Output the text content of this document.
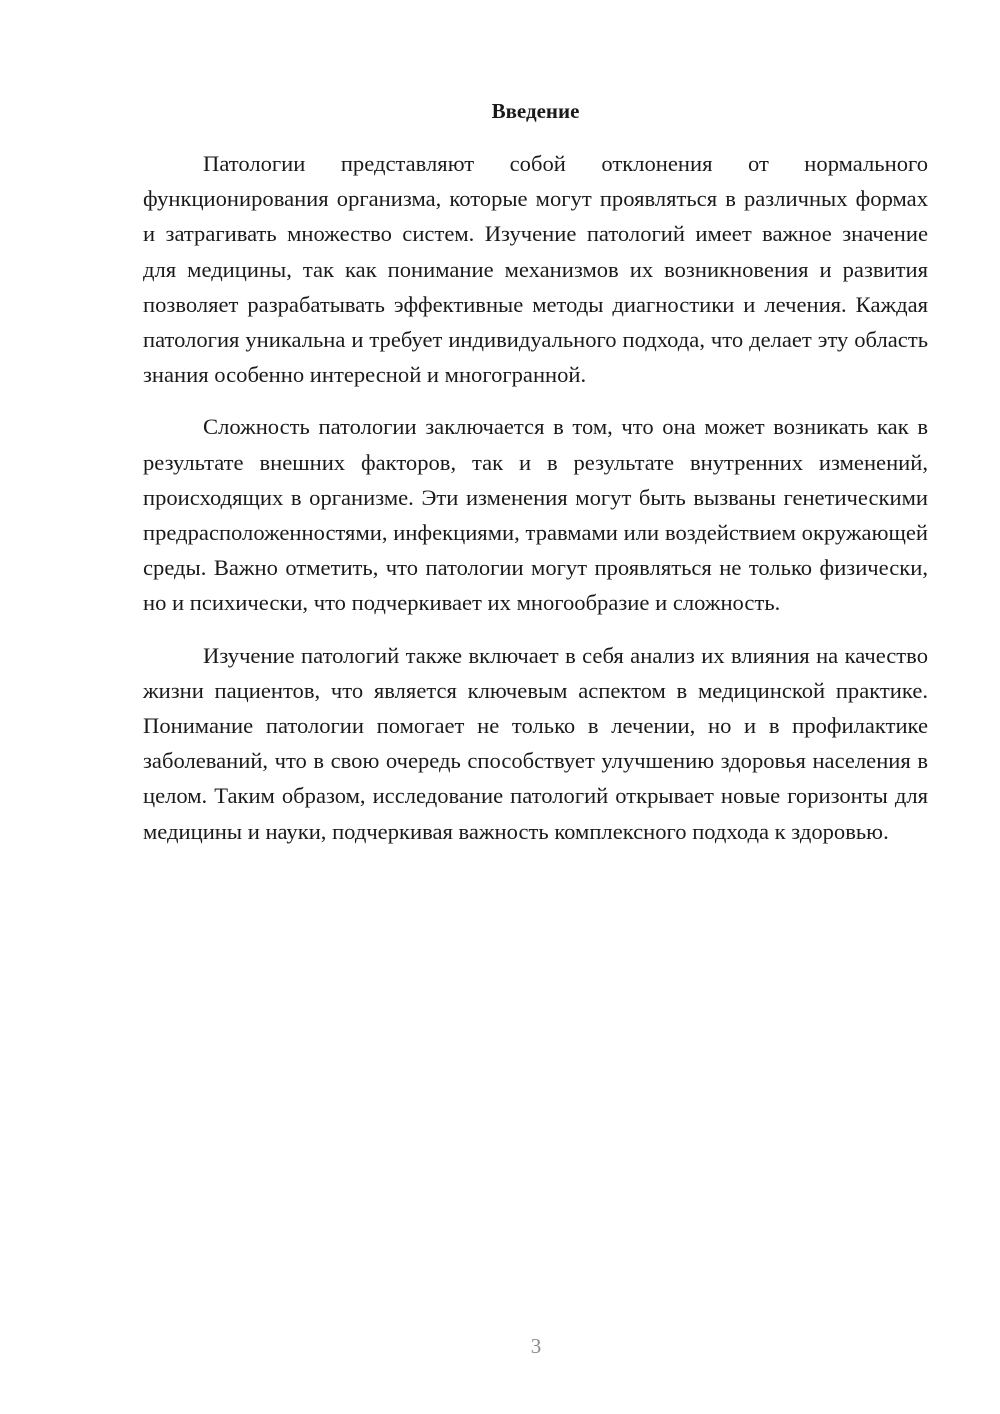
Введение

Патологии представляют собой отклонения от нормального функционирования организма, которые могут проявляться в различных формах и затрагивать множество систем. Изучение патологий имеет важное значение для медицины, так как понимание механизмов их возникновения и развития позволяет разрабатывать эффективные методы диагностики и лечения. Каждая патология уникальна и требует индивидуального подхода, что делает эту область знания особенно интересной и многогранной.

Сложность патологии заключается в том, что она может возникать как в результате внешних факторов, так и в результате внутренних изменений, происходящих в организме. Эти изменения могут быть вызваны генетическими предрасположенностями, инфекциями, травмами или воздействием окружающей среды. Важно отметить, что патологии могут проявляться не только физически, но и психически, что подчеркивает их многообразие и сложность.

Изучение патологий также включает в себя анализ их влияния на качество жизни пациентов, что является ключевым аспектом в медицинской практике. Понимание патологии помогает не только в лечении, но и в профилактике заболеваний, что в свою очередь способствует улучшению здоровья населения в целом. Таким образом, исследование патологий открывает новые горизонты для медицины и науки, подчеркивая важность комплексного подхода к здоровью.

3
